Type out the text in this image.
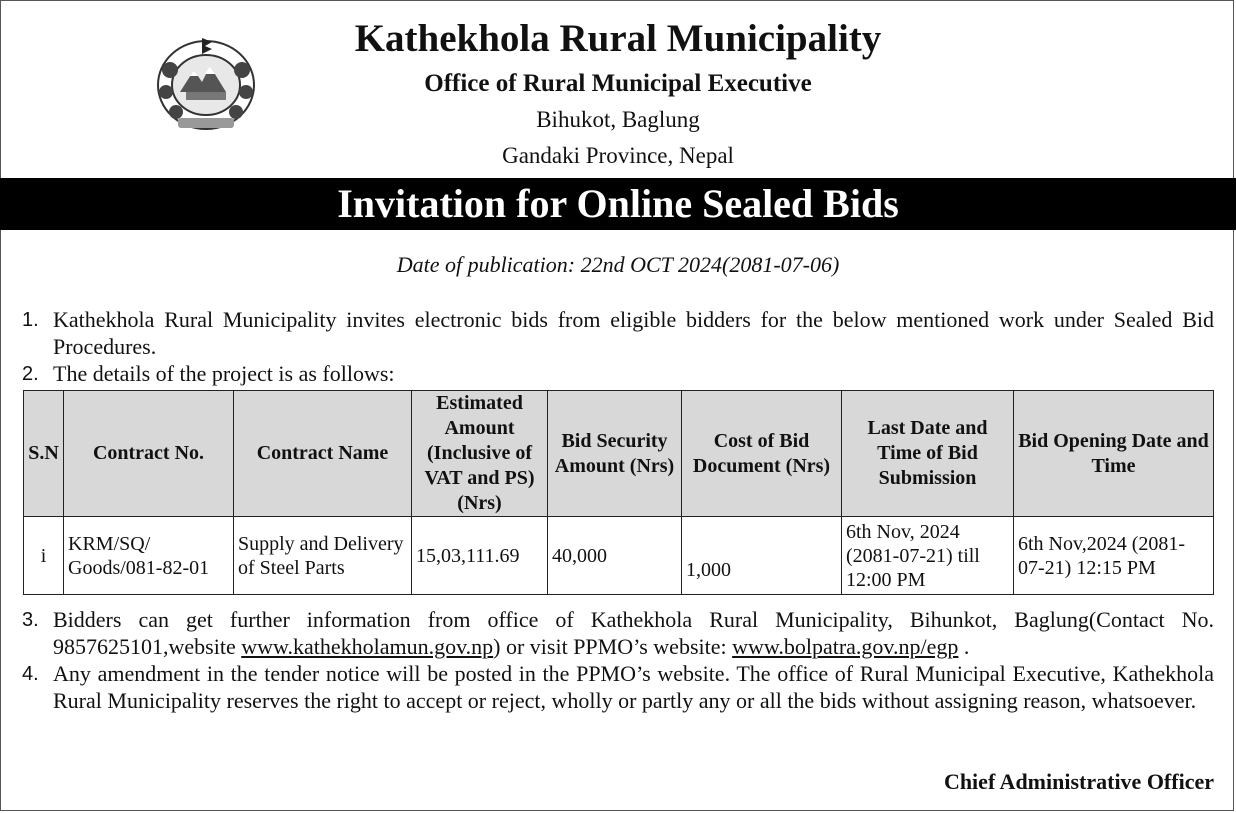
Kathekhola Rural Municipality
Office of Rural Municipal Executive
Bihukot, Baglung
Gandaki Province, Nepal
Invitation for Online Sealed Bids
Date of publication: 22nd OCT 2024(2081-07-06)
1. Kathekhola Rural Municipality invites electronic bids from eligible bidders for the below mentioned work under Sealed Bid Procedures.
2. The details of the project is as follows:
S.N	Contract No.	Contract Name	Estimated Amount (Inclusive of VAT and PS) (Nrs)	Bid Security Amount (Nrs)	Cost of Bid Document (Nrs)	Last Date and Time of Bid Submission	Bid Opening Date and Time
i	KRM/SQ/ Goods/081-82-01	Supply and Delivery of Steel Parts	15,03,111.69	40,000	1,000	6th Nov, 2024 (2081-07-21) till 12:00 PM	6th Nov,2024 (2081-07-21) 12:15 PM
3. Bidders can get further information from office of Kathekhola Rural Municipality, Bihunkot, Baglung(Contact No. 9857625101,website www.kathekholamun.gov.np) or visit PPMO’s website: www.bolpatra.gov.np/egp .
4. Any amendment in the tender notice will be posted in the PPMO’s website. The office of Rural Municipal Executive, Kathekhola Rural Municipality reserves the right to accept or reject, wholly or partly any or all the bids without assigning reason, whatsoever.
Chief Administrative Officer
